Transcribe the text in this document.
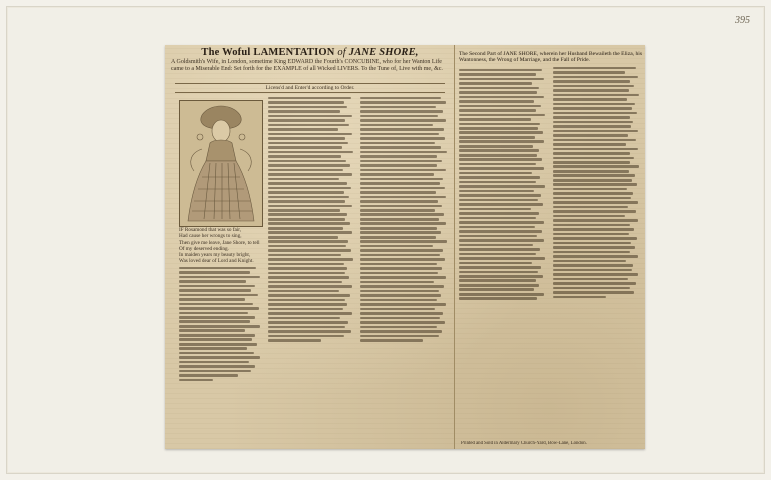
395
The Woful LAMENTATION of JANE SHORE,
A Goldsmith's Wife, in London, sometime King EDWARD the Fourth's CONCUBINE, who for her Wanton Life came to a Miserable End: Set forth for the EXAMPLE of all Wicked LIVERS. To the Tune of, Live with me, &c.
Licens'd and Enter'd according to Order.
IF Rosamond that was so fair,
Had cause her wrongs to sing,
Then give me leave, Jane Shore, to tell
Of my deserved ending.
In maiden years my beauty bright,
Was loved dear of Lord and Knight.
The Second Part of JANE SHORE, wherein her Husband Bewaileth the Eliza, his Wantonness, the Wrong of Marriage, and the Fall of Pride.
Printed and Sold in Aldermary Church-Yard, Bow-Lane, London.
